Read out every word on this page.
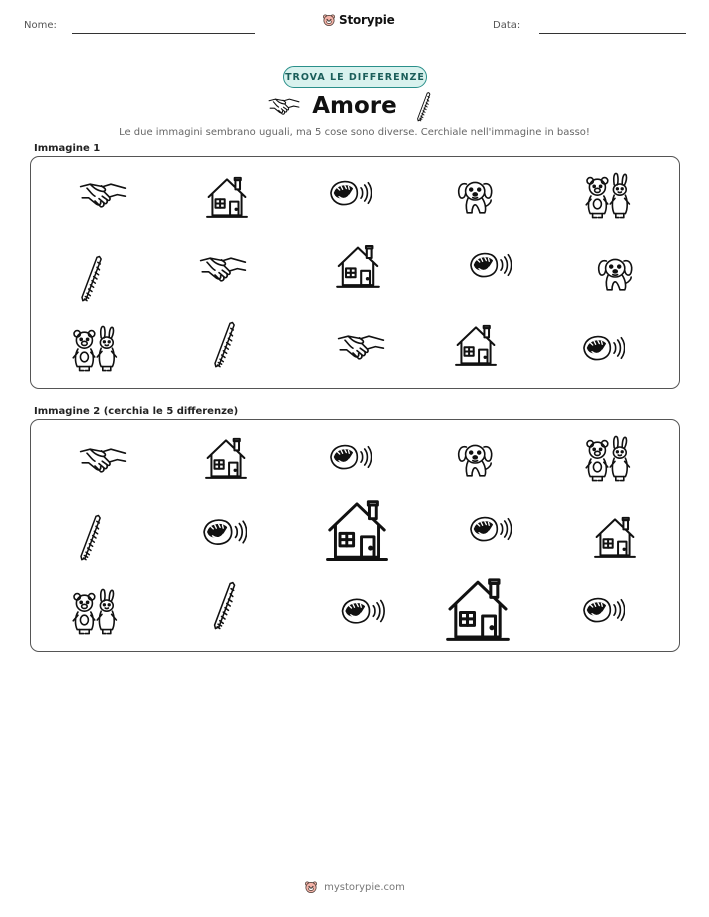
Nome:	Storypie	Data:
TROVA LE DIFFERENZE
Amore
Le due immagini sembrano uguali, ma 5 cose sono diverse. Cerchiale nell'immagine in basso!
Immagine 1
Immagine 2 (cerchia le 5 differenze)
mystorypie.com
